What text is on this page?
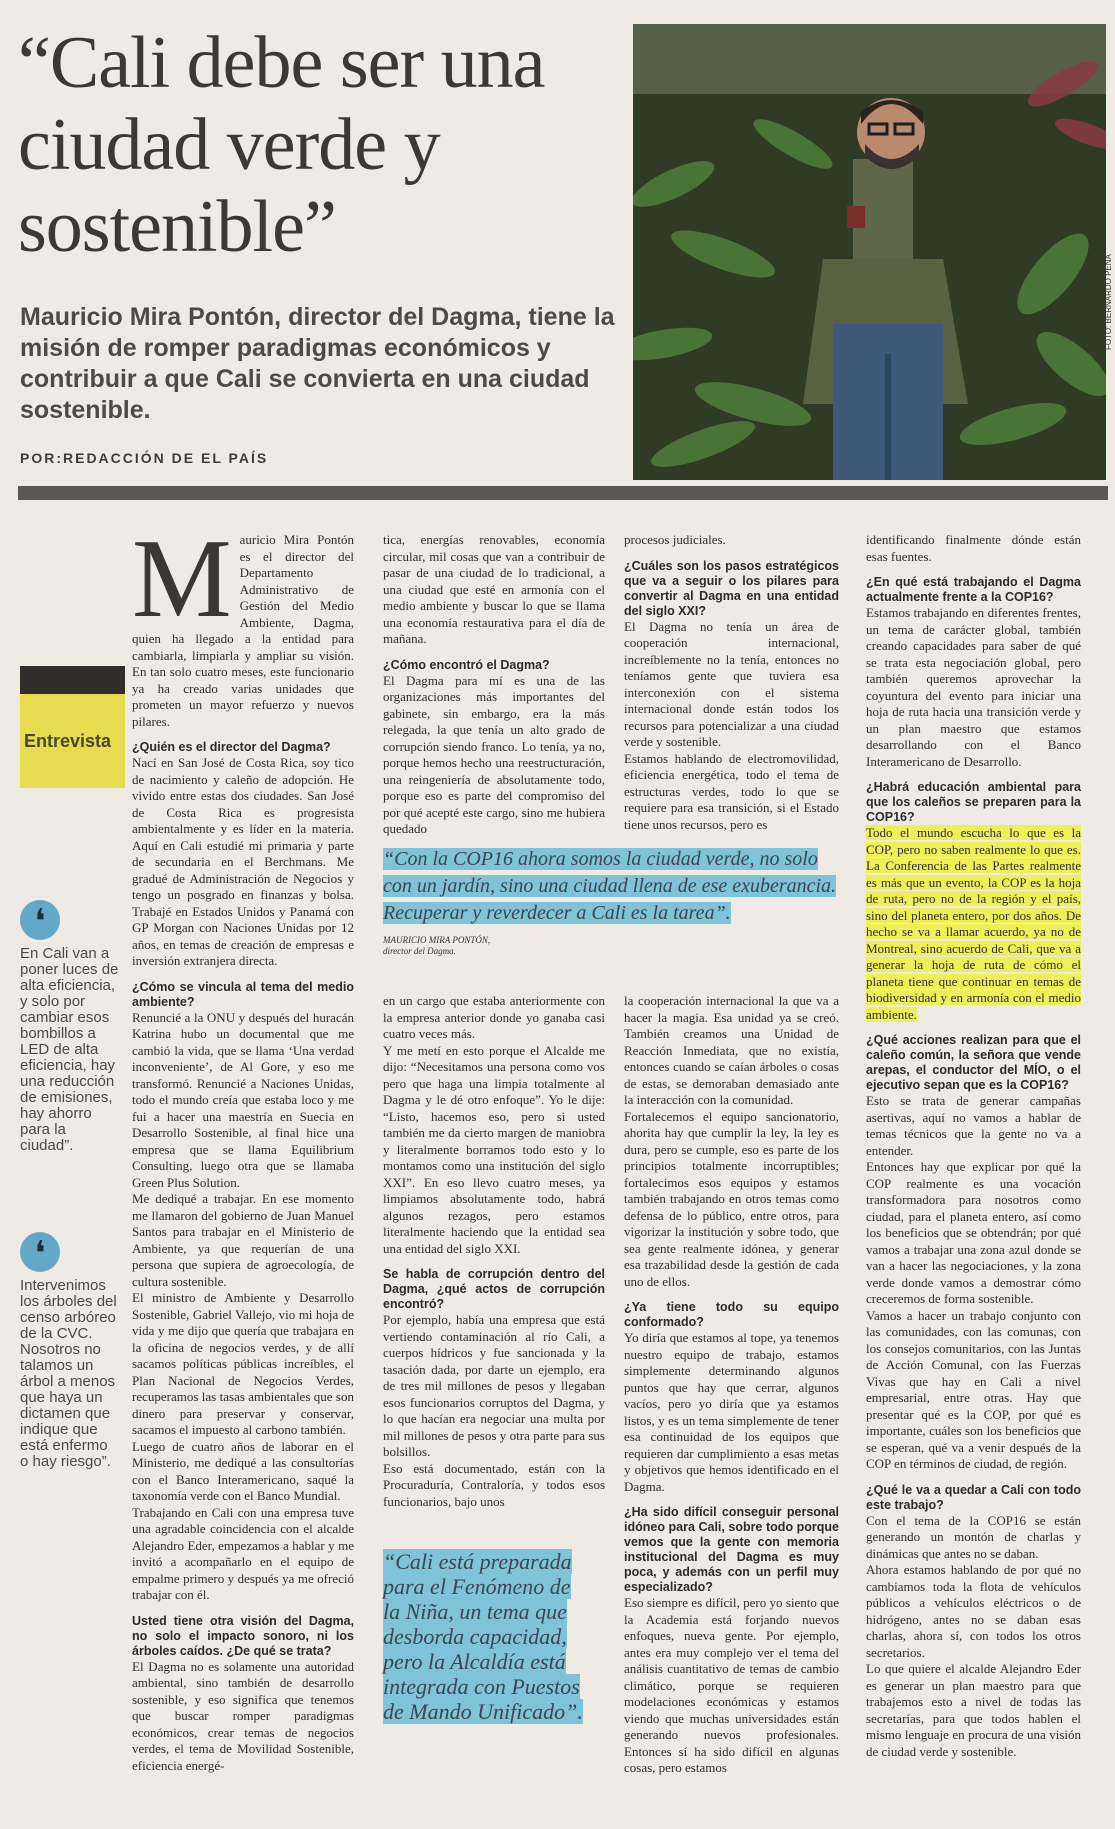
“Cali debe ser una ciudad verde y sostenible”
Mauricio Mira Pontón, director del Dagma, tiene la misión de romper paradigmas económicos y contribuir a que Cali se convierta en una ciudad sostenible.
POR:REDACCIÓN DE EL PAÍS
FOTO: BERNARDO PEÑA
Entrevista
❛
En Cali van a poner luces de alta eficiencia, y solo por cambiar esos bombillos a LED de alta eficiencia, hay una reducción de emisiones, hay ahorro para la ciudad”.
❛
Intervenimos los árboles del censo arbóreo de la CVC. Nosotros no talamos un árbol a menos que haya un dictamen que indique que está enfermo o hay riesgo”.

Mauricio Mira Pontón es el director del Departamento Administrativo de Gestión del Medio Ambiente, Dagma, quien ha llegado a la entidad para cambiarla, limpiarla y ampliar su visión. En tan solo cuatro meses, este funcionario ya ha creado varias unidades que prometen un mayor refuerzo y nuevos pilares.

¿Quién es el director del Dagma?

Nací en San José de Costa Rica, soy tico de nacimiento y caleño de adopción. He vivido entre estas dos ciudades. San José de Costa Rica es progresista ambientalmente y es líder en la materia. Aquí en Cali estudié mi primaria y parte de secundaria en el Berchmans. Me gradué de Administración de Negocios y tengo un posgrado en finanzas y bolsa. Trabajé en Estados Unidos y Panamá con GP Morgan con Naciones Unidas por 12 años, en temas de creación de empresas e inversión extranjera directa.

¿Cómo se vincula al tema del medio ambiente?

Renuncié a la ONU y después del huracán Katrina hubo un documental que me cambió la vida, que se llama ‘Una verdad inconveniente’, de Al Gore, y eso me transformó. Renuncié a Naciones Unidas, todo el mundo creía que estaba loco y me fui a hacer una maestría en Suecia en Desarrollo Sostenible, al final hice una empresa que se llama Equilibrium Consulting, luego otra que se llamaba Green Plus Solution.

Me dediqué a trabajar. En ese momento me llamaron del gobierno de Juan Manuel Santos para trabajar en el Ministerio de Ambiente, ya que requerían de una persona que supiera de agroecología, de cultura sostenible.

El ministro de Ambiente y Desarrollo Sostenible, Gabriel Vallejo, vio mi hoja de vida y me dijo que quería que trabajara en la oficina de negocios verdes, y de allí sacamos políticas públicas increíbles, el Plan Nacional de Negocios Verdes, recuperamos las tasas ambientales que son dinero para preservar y conservar, sacamos el impuesto al carbono también.

Luego de cuatro años de laborar en el Ministerio, me dediqué a las consultorías con el Banco Interamericano, saqué la taxonomía verde con el Banco Mundial.

Trabajando en Cali con una empresa tuve una agradable coincidencia con el alcalde Alejandro Eder, empezamos a hablar y me invitó a acompañarlo en el equipo de empalme primero y después ya me ofreció trabajar con él.

Usted tiene otra visión del Dagma, no solo el impacto sonoro, ni los árboles caídos. ¿De qué se trata?

El Dagma no es solamente una autoridad ambiental, sino también de desarrollo sostenible, y eso significa que tenemos que buscar romper paradigmas económicos, crear temas de negocios verdes, el tema de Movilidad Sostenible, eficiencia energé-

tica, energías renovables, economía circular, mil cosas que van a contribuir de pasar de una ciudad de lo tradicional, a una ciudad que esté en armonía con el medio ambiente y buscar lo que se llama una economía restaurativa para el día de mañana.

¿Cómo encontró el Dagma?

El Dagma para mí es una de las organizaciones más importantes del gabinete, sin embargo, era la más relegada, la que tenía un alto grado de corrupción siendo franco. Lo tenía, ya no, porque hemos hecho una reestructuración, una reingeniería de absolutamente todo, porque eso es parte del compromiso del por qué acepté este cargo, sino me hubiera quedado

procesos judiciales.

¿Cuáles son los pasos estratégicos que va a seguir o los pilares para convertir al Dagma en una entidad del siglo XXI?

El Dagma no tenía un área de cooperación internacional, increíblemente no la tenía, entonces no teníamos gente que tuviera esa interconexión con el sistema internacional donde están todos los recursos para potencializar a una ciudad verde y sostenible.

Estamos hablando de electromovilidad, eficiencia energética, todo el tema de estructuras verdes, todo lo que se requiere para esa transición, si el Estado tiene unos recursos, pero es

“Con la COP16 ahora somos la ciudad verde, no solo con un jardín, sino una ciudad llena de ese exuberancia. Recuperar y reverdecer a Cali es la tarea”.
MAURICIO MIRA PONTÓN,
director del Dagma.

en un cargo que estaba anteriormente con la empresa anterior donde yo ganaba casi cuatro veces más.

Y me metí en esto porque el Alcalde me dijo: “Necesitamos una persona como vos pero que haga una limpia totalmente al Dagma y le dé otro enfoque”. Yo le dije: “Listo, hacemos eso, pero si usted también me da cierto margen de maniobra y literalmente borramos todo esto y lo montamos como una institución del siglo XXI”. En eso llevo cuatro meses, ya limpiamos absolutamente todo, habrá algunos rezagos, pero estamos literalmente haciendo que la entidad sea una entidad del siglo XXI.

Se habla de corrupción dentro del Dagma, ¿qué actos de corrupción encontró?

Por ejemplo, había una empresa que está vertiendo contaminación al río Cali, a cuerpos hídricos y fue sancionada y la tasación dada, por darte un ejemplo, era de tres mil millones de pesos y llegaban esos funcionarios corruptos del Dagma, y lo que hacían era negociar una multa por mil millones de pesos y otra parte para sus bolsillos.

Eso está documentado, están con la Procuraduría, Contraloría, y todos esos funcionarios, bajo unos

“Cali está preparada para el Fenómeno de la Niña, un tema que desborda capacidad, pero la Alcaldía está integrada con Puestos de Mando Unificado”.

la cooperación internacional la que va a hacer la magia. Esa unidad ya se creó. También creamos una Unidad de Reacción Inmediata, que no existía, entonces cuando se caían árboles o cosas de estas, se demoraban demasiado ante la interacción con la comunidad.

Fortalecemos el equipo sancionatorio, ahorita hay que cumplir la ley, la ley es dura, pero se cumple, eso es parte de los principios totalmente incorruptibles; fortalecimos esos equipos y estamos también trabajando en otros temas como defensa de lo público, entre otros, para vigorizar la institución y sobre todo, que sea gente realmente idónea, y generar esa trazabilidad desde la gestión de cada uno de ellos.

¿Ya tiene todo su equipo conformado?

Yo diría que estamos al tope, ya tenemos nuestro equipo de trabajo, estamos simplemente determinando algunos puntos que hay que cerrar, algunos vacíos, pero yo diría que ya estamos listos, y es un tema simplemente de tener esa continuidad de los equipos que requieren dar cumplimiento a esas metas y objetivos que hemos identificado en el Dagma.

¿Ha sido difícil conseguir personal idóneo para Cali, sobre todo porque vemos que la gente con memoria institucional del Dagma es muy poca, y además con un perfil muy especializado?

Eso siempre es difícil, pero yo siento que la Academia está forjando nuevos enfoques, nueva gente. Por ejemplo, antes era muy complejo ver el tema del análisis cuantitativo de temas de cambio climático, porque se requieren modelaciones económicas y estamos viendo que muchas universidades están generando nuevos profesionales. Entonces sí ha sido difícil en algunas cosas, pero estamos

identificando finalmente dónde están esas fuentes.

¿En qué está trabajando el Dagma actualmente frente a la COP16?

Estamos trabajando en diferentes frentes, un tema de carácter global, también creando capacidades para saber de qué se trata esta negociación global, pero también queremos aprovechar la coyuntura del evento para iniciar una hoja de ruta hacia una transición verde y un plan maestro que estamos desarrollando con el Banco Interamericano de Desarrollo.

¿Habrá educación ambiental para que los caleños se preparen para la COP16?

Todo el mundo escucha lo que es la COP, pero no saben realmente lo que es. La Conferencia de las Partes realmente es más que un evento, la COP es la hoja de ruta, pero no de la región y el país, sino del planeta entero, por dos años. De hecho se va a llamar acuerdo, ya no de Montreal, sino acuerdo de Cali, que va a generar la hoja de ruta de cómo el planeta tiene que continuar en temas de biodiversidad y en armonía con el medio ambiente.

¿Qué acciones realizan para que el caleño común, la señora que vende arepas, el conductor del MÍO, o el ejecutivo sepan que es la COP16?

Esto se trata de generar campañas asertivas, aquí no vamos a hablar de temas técnicos que la gente no va a entender.

Entonces hay que explicar por qué la COP realmente es una vocación transformadora para nosotros como ciudad, para el planeta entero, así como los beneficios que se obtendrán; por qué vamos a trabajar una zona azul donde se van a hacer las negociaciones, y la zona verde donde vamos a demostrar cómo creceremos de forma sostenible.

Vamos a hacer un trabajo conjunto con las comunidades, con las comunas, con los consejos comunitarios, con las Juntas de Acción Comunal, con las Fuerzas Vivas que hay en Cali a nivel empresarial, entre otras. Hay que presentar qué es la COP, por qué es importante, cuáles son los beneficios que se esperan, qué va a venir después de la COP en términos de ciudad, de región.

¿Qué le va a quedar a Cali con todo este trabajo?

Con el tema de la COP16 se están generando un montón de charlas y dinámicas que antes no se daban.

Ahora estamos hablando de por qué no cambiamos toda la flota de vehículos públicos a vehículos eléctricos o de hidrógeno, antes no se daban esas charlas, ahora sí, con todos los otros secretarios.

Lo que quiere el alcalde Alejandro Eder es generar un plan maestro para que trabajemos esto a nivel de todas las secretarías, para que todos hablen el mismo lenguaje en procura de una visión de ciudad verde y sostenible.
